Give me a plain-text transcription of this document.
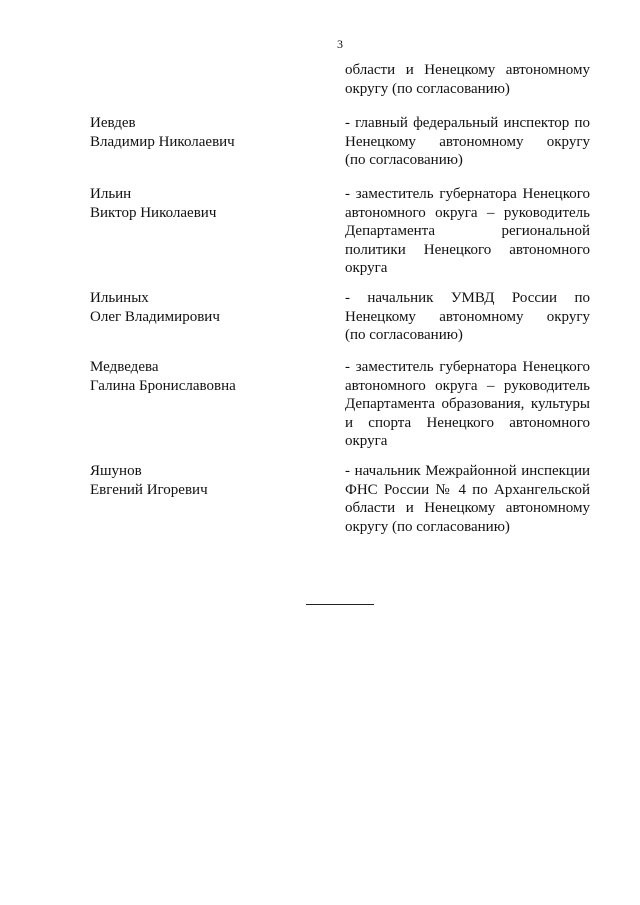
3
области и Ненецкому автономному
округу (по согласованию)
Иевдев
Владимир Николаевич
- главный федеральный инспектор по
Ненецкому автономному округу
(по согласованию)
Ильин
Виктор Николаевич
- заместитель губернатора Ненецкого
автономного округа – руководитель
Департамента региональной
политики Ненецкого автономного
округа
Ильиных
Олег Владимирович
- начальник УМВД России по
Ненецкому автономному округу
(по согласованию)
Медведева
Галина Брониславовна
- заместитель губернатора Ненецкого
автономного округа – руководитель
Департамента образования, культуры
и спорта Ненецкого автономного
округа
Яшунов
Евгений Игоревич
- начальник Межрайонной инспекции
ФНС России № 4 по Архангельской
области и Ненецкому автономному
округу (по согласованию)
